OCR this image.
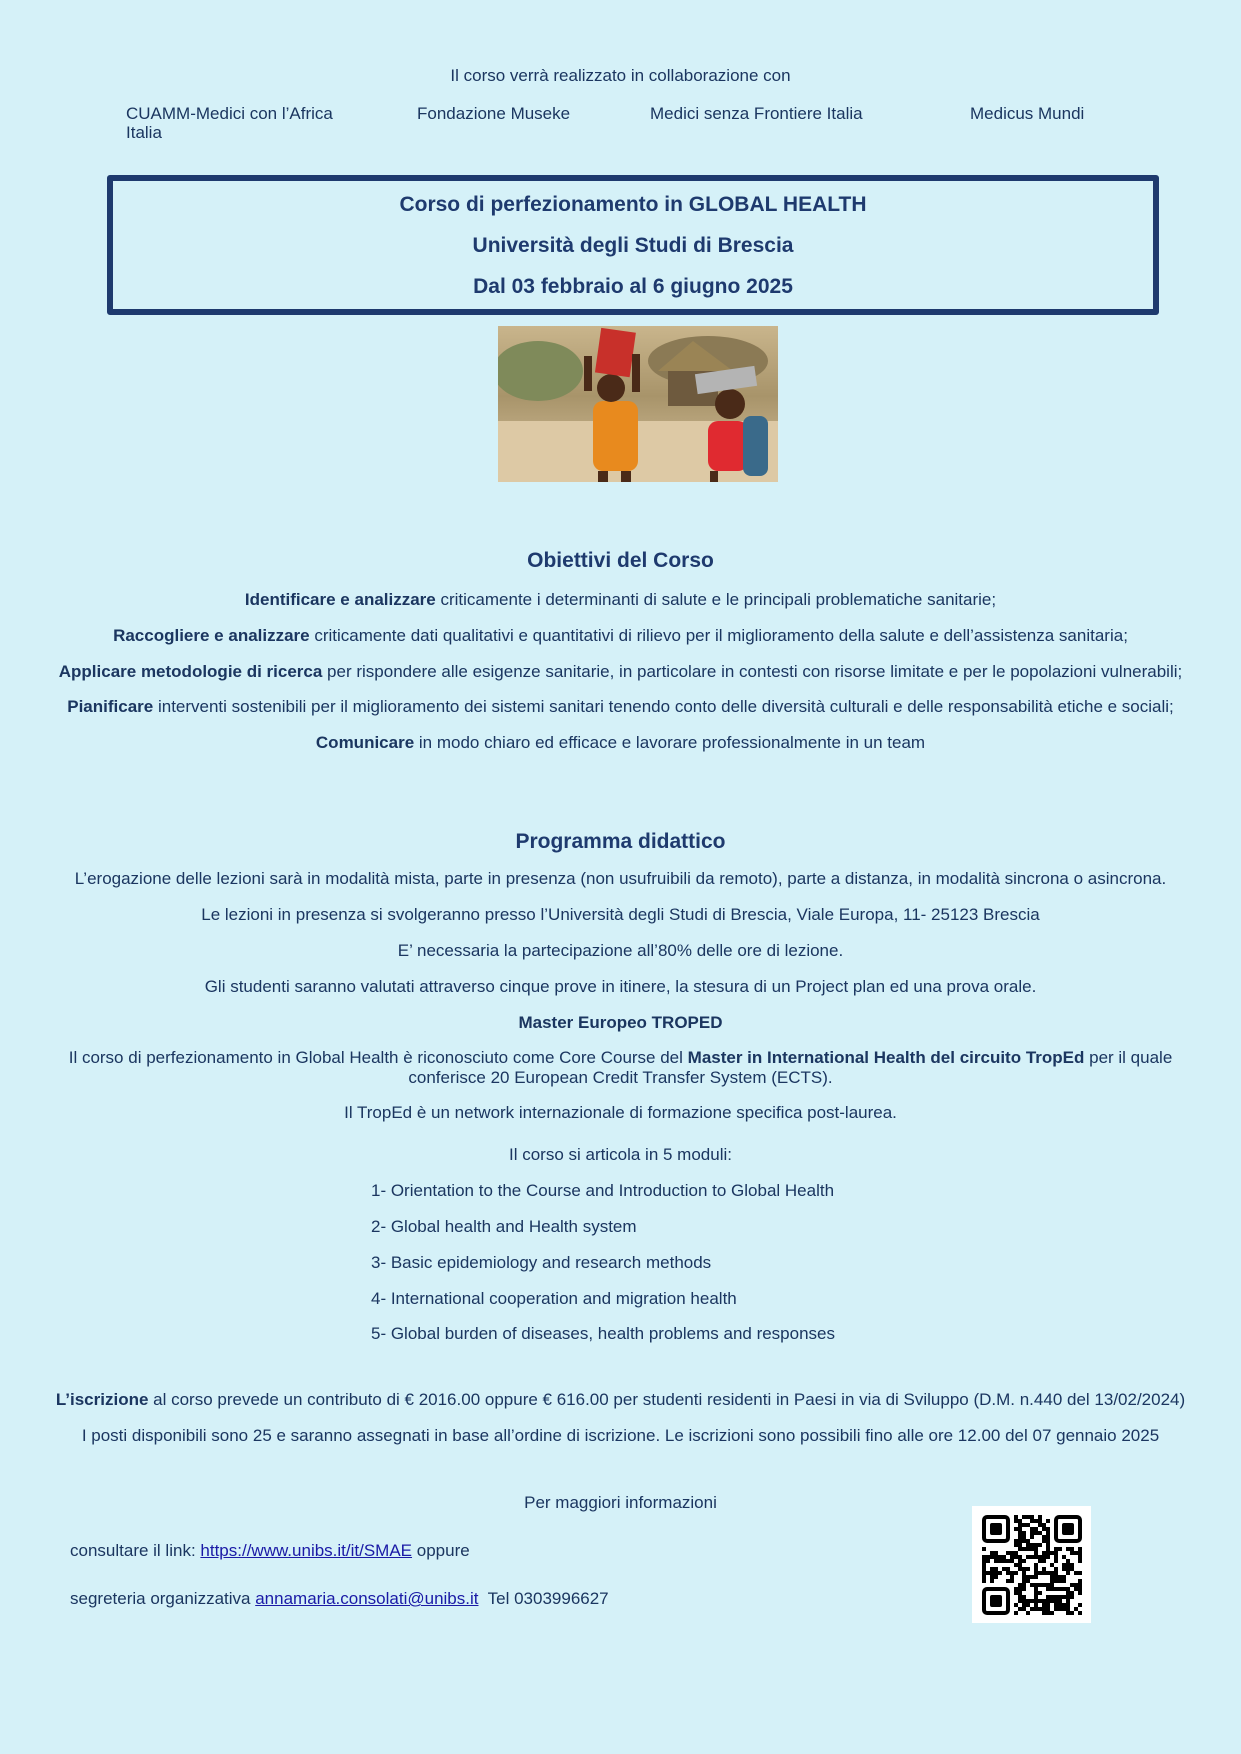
Il corso verrà realizzato in collaborazione con
CUAMM-Medici con l’Africa Italia
Fondazione Museke	Medici senza Frontiere Italia	Medicus Mundi
Corso di perfezionamento in GLOBAL HEALTH
Università degli Studi di Brescia
Dal 03 febbraio al 6 giugno 2025
Obiettivi del Corso
Identificare e analizzare criticamente i determinanti di salute e le principali problematiche sanitarie;
Raccogliere e analizzare criticamente dati qualitativi e quantitativi di rilievo per il miglioramento della salute e dell’assistenza sanitaria;
Applicare metodologie di ricerca per rispondere alle esigenze sanitarie, in particolare in contesti con risorse limitate e per le popolazioni vulnerabili;
Pianificare interventi sostenibili per il miglioramento dei sistemi sanitari tenendo conto delle diversità culturali e delle responsabilità etiche e sociali;
Comunicare in modo chiaro ed efficace e lavorare professionalmente in un team
Programma didattico
L’erogazione delle lezioni sarà in modalità mista, parte in presenza (non usufruibili da remoto), parte a distanza, in modalità sincrona o asincrona.
Le lezioni in presenza si svolgeranno presso l’Università degli Studi di Brescia, Viale Europa, 11- 25123 Brescia
E’ necessaria la partecipazione all’80% delle ore di lezione.
Gli studenti saranno valutati attraverso cinque prove in itinere, la stesura di un Project plan ed una prova orale.
Master Europeo TROPED
Il corso di perfezionamento in Global Health è riconosciuto come Core Course del Master in International Health del circuito TropEd per il quale
conferisce 20 European Credit Transfer System (ECTS).
Il TropEd è un network internazionale di formazione specifica post-laurea.
Il corso si articola in 5 moduli:
1- Orientation to the Course and Introduction to Global Health
2- Global health and Health system
3- Basic epidemiology and research methods
4- International cooperation and migration health
5- Global burden of diseases, health problems and responses
L’iscrizione al corso prevede un contributo di € 2016.00 oppure € 616.00 per studenti residenti in Paesi in via di Sviluppo (D.M. n.440 del 13/02/2024)
I posti disponibili sono 25 e saranno assegnati in base all’ordine di iscrizione. Le iscrizioni sono possibili fino alle ore 12.00 del 07 gennaio 2025
Per maggiori informazioni
consultare il link: https://www.unibs.it/it/SMAE oppure
segreteria organizzativa annamaria.consolati@unibs.it  Tel 0303996627
